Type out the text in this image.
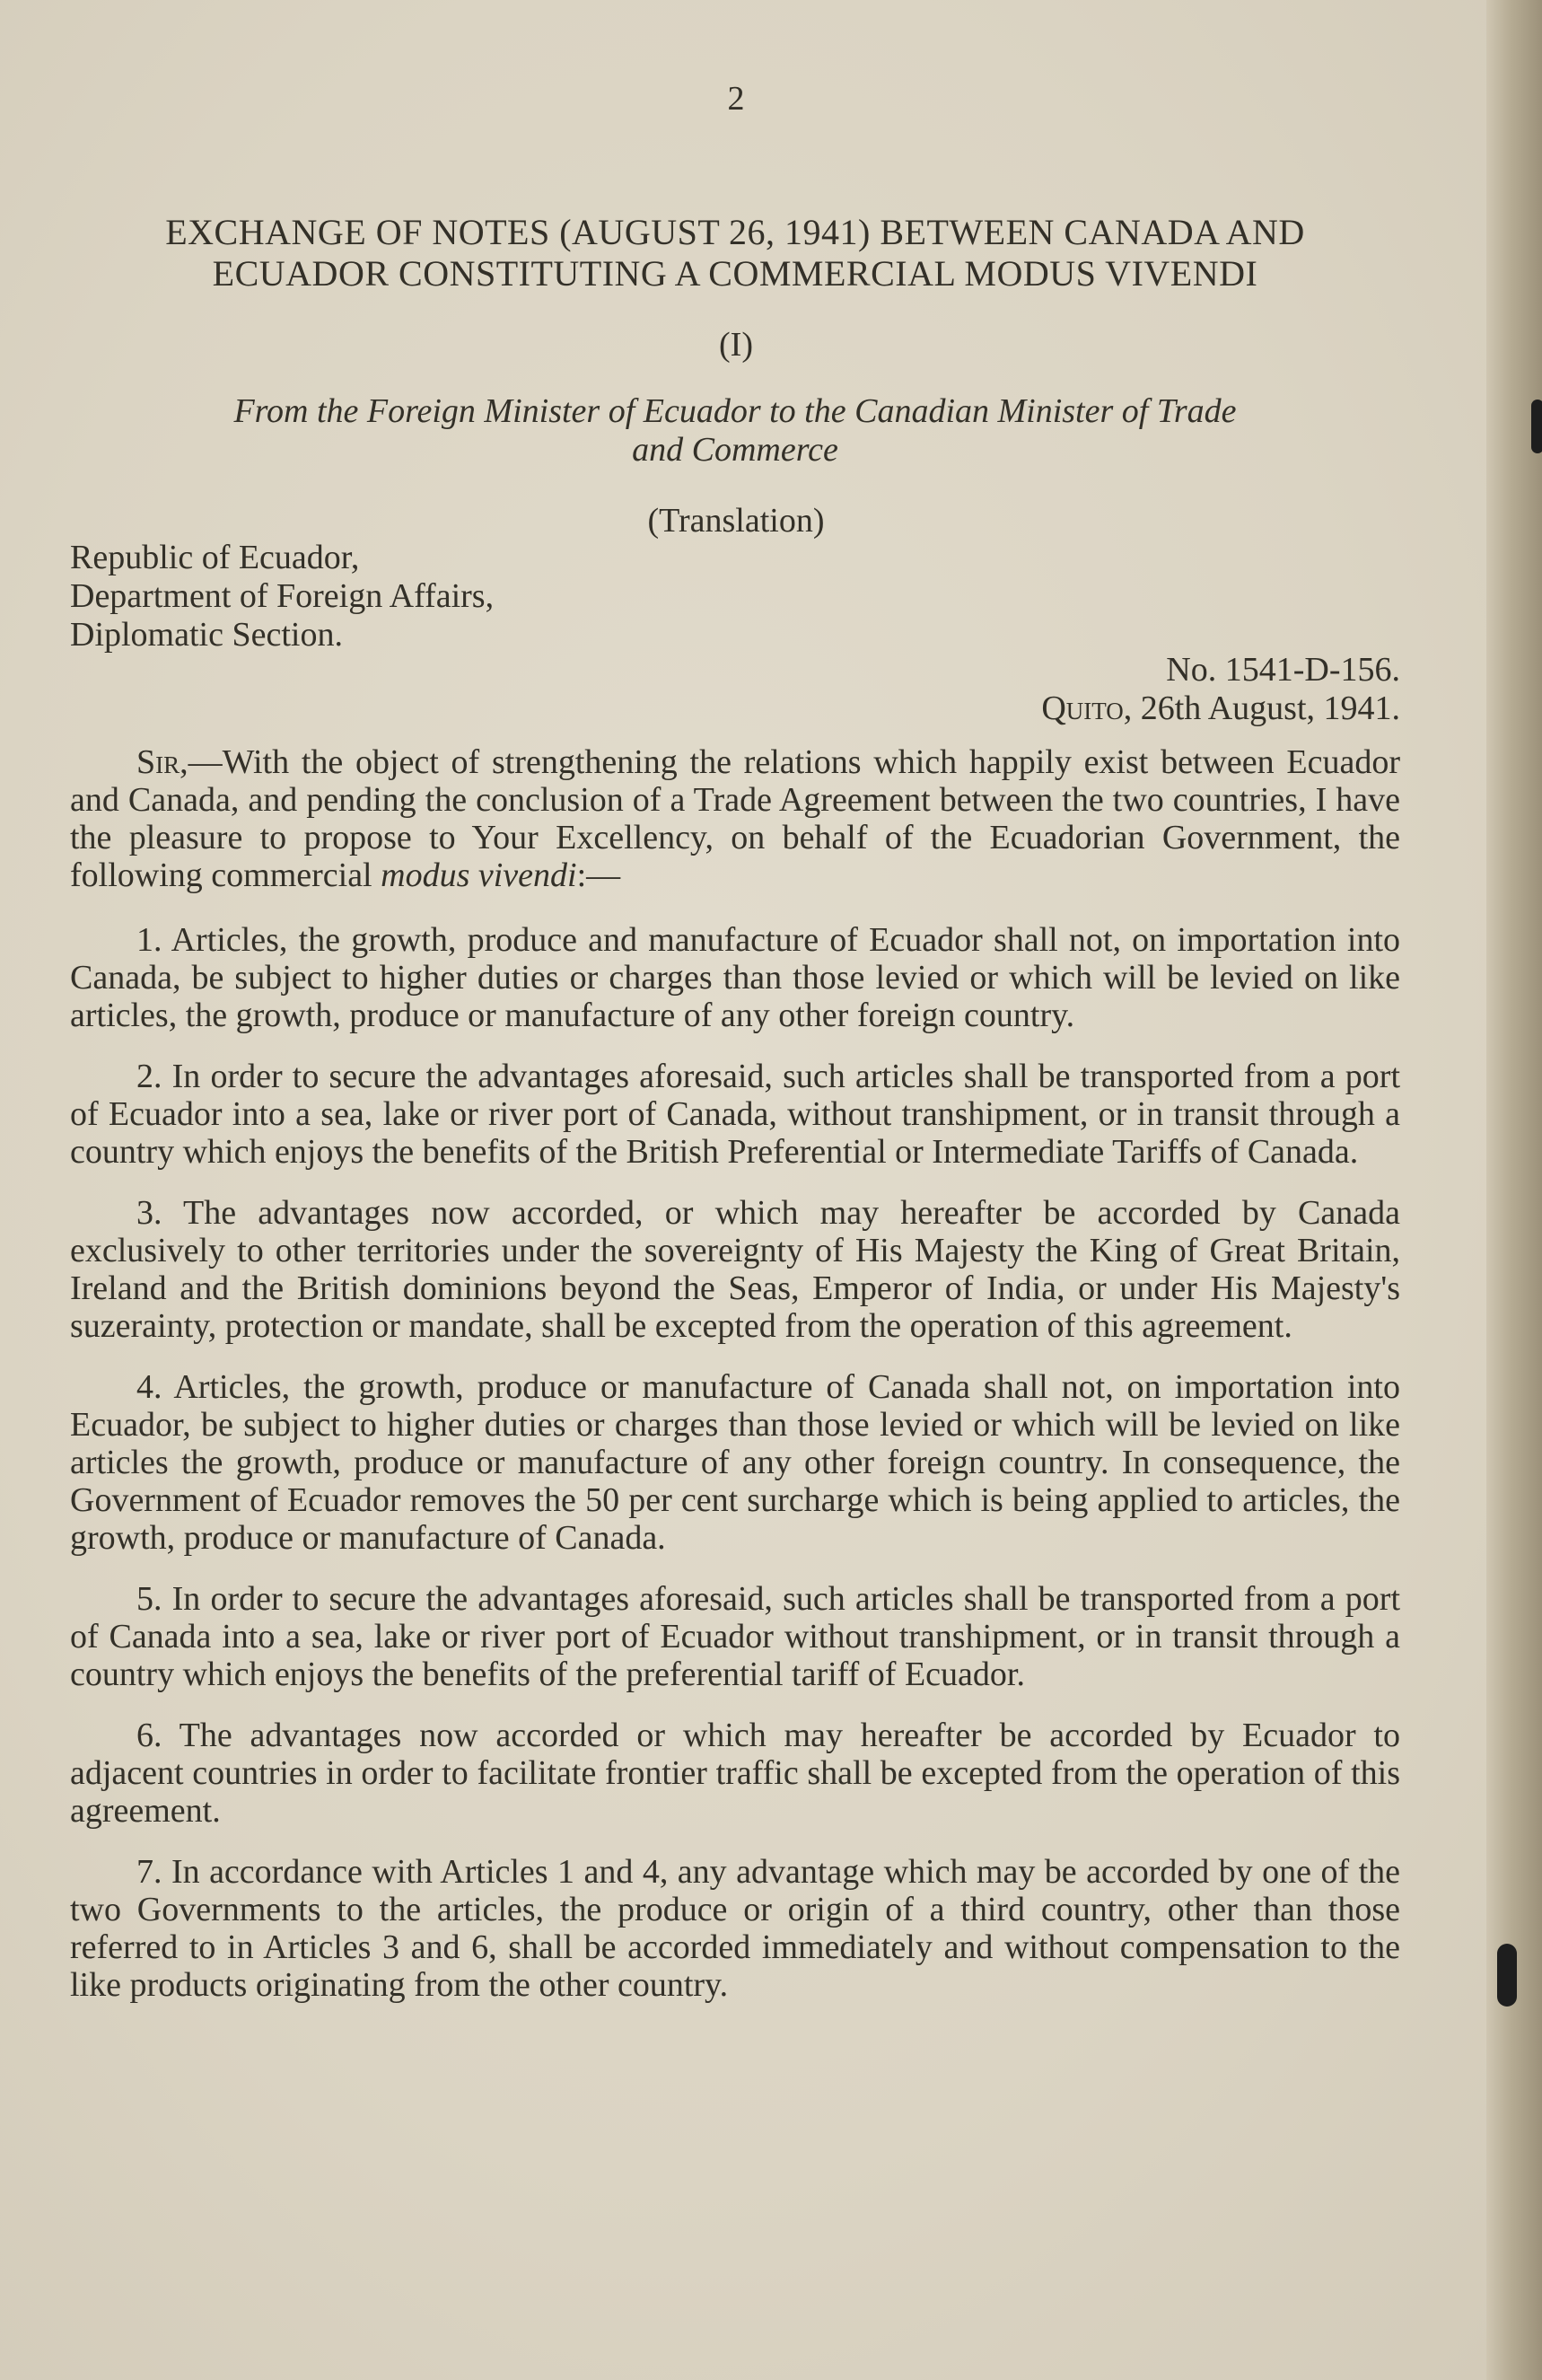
2
EXCHANGE OF NOTES (AUGUST 26, 1941) BETWEEN CANADA AND
ECUADOR CONSTITUTING A COMMERCIAL MODUS VIVENDI
(I)
From the Foreign Minister of Ecuador to the Canadian Minister of Trade
and Commerce
(Translation)
Republic of Ecuador,
Department of Foreign Affairs,
Diplomatic Section.
No. 1541-D-156.
Quito, 26th August, 1941.

Sir,—With the object of strengthening the relations which happily exist between Ecuador and Canada, and pending the conclusion of a Trade Agreement between the two countries, I have the pleasure to propose to Your Excellency, on behalf of the Ecuadorian Government, the following commercial modus vivendi:—

1. Articles, the growth, produce and manufacture of Ecuador shall not, on importation into Canada, be subject to higher duties or charges than those levied or which will be levied on like articles, the growth, produce or manufacture of any other foreign country.

2. In order to secure the advantages aforesaid, such articles shall be transported from a port of Ecuador into a sea, lake or river port of Canada, without transhipment, or in transit through a country which enjoys the benefits of the British Preferential or Intermediate Tariffs of Canada.

3. The advantages now accorded, or which may hereafter be accorded by Canada exclusively to other territories under the sovereignty of His Majesty the King of Great Britain, Ireland and the British dominions beyond the Seas, Emperor of India, or under His Majesty's suzerainty, protection or mandate, shall be excepted from the operation of this agreement.

4. Articles, the growth, produce or manufacture of Canada shall not, on importation into Ecuador, be subject to higher duties or charges than those levied or which will be levied on like articles the growth, produce or manufacture of any other foreign country. In consequence, the Government of Ecuador removes the 50 per cent surcharge which is being applied to articles, the growth, produce or manufacture of Canada.

5. In order to secure the advantages aforesaid, such articles shall be transported from a port of Canada into a sea, lake or river port of Ecuador without transhipment, or in transit through a country which enjoys the benefits of the preferential tariff of Ecuador.

6. The advantages now accorded or which may hereafter be accorded by Ecuador to adjacent countries in order to facilitate frontier traffic shall be excepted from the operation of this agreement.

7. In accordance with Articles 1 and 4, any advantage which may be accorded by one of the two Governments to the articles, the produce or origin of a third country, other than those referred to in Articles 3 and 6, shall be accorded immediately and without compensation to the like products originating from the other country.
